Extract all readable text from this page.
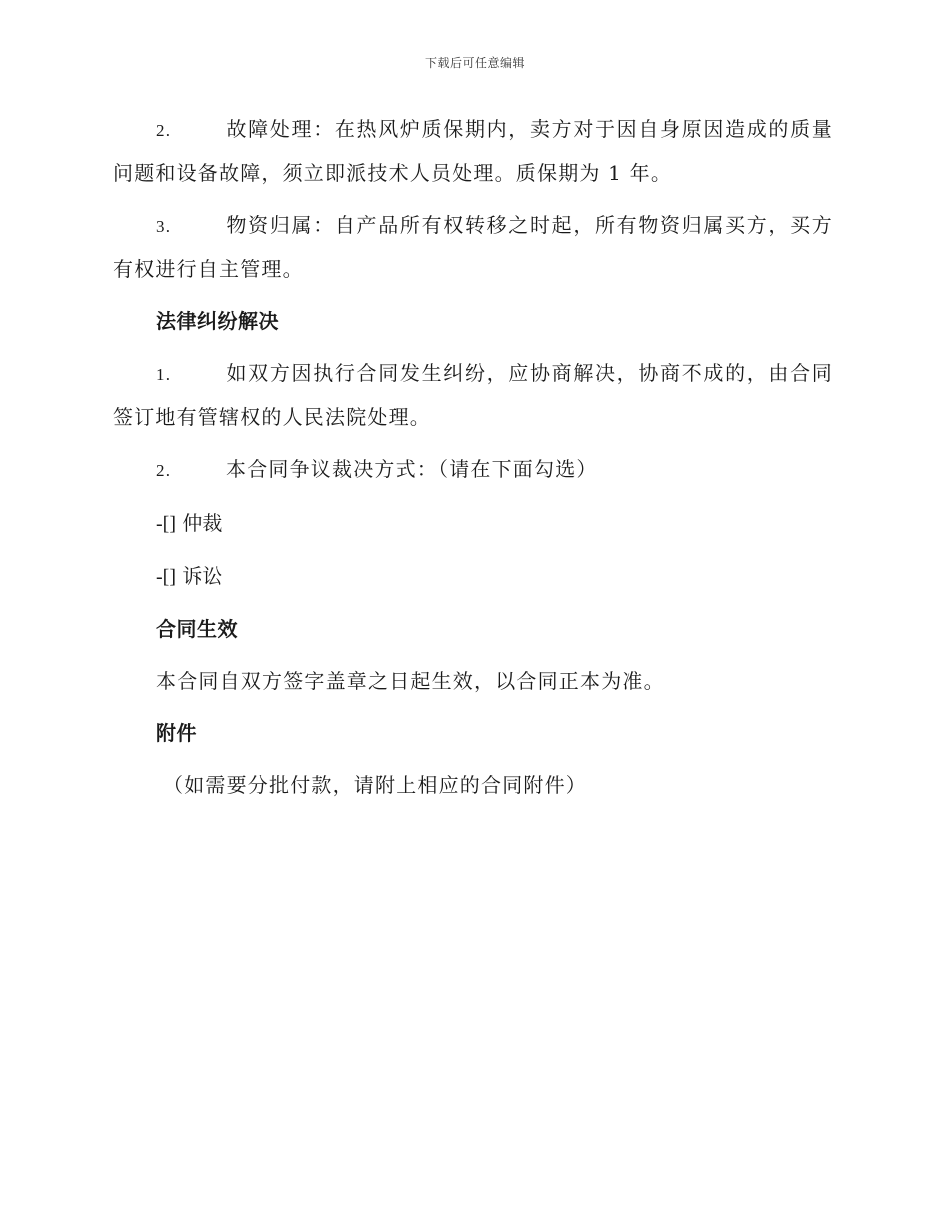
下载后可任意编辑

2.	故障处理：在热风炉质保期内，卖方对于因自身原因造成的质量问题和设备故障，须立即派技术人员处理。质保期为 1 年。

3.	物资归属：自产品所有权转移之时起，所有物资归属买方，买方有权进行自主管理。

法律纠纷解决

1.	如双方因执行合同发生纠纷，应协商解决，协商不成的，由合同签订地有管辖权的人民法院处理。

2.	本合同争议裁决方式：（请在下面勾选）

-[] 仲裁
-[] 诉讼
合同生效

本合同自双方签字盖章之日起生效，以合同正本为准。

附件

（如需要分批付款，请附上相应的合同附件）
